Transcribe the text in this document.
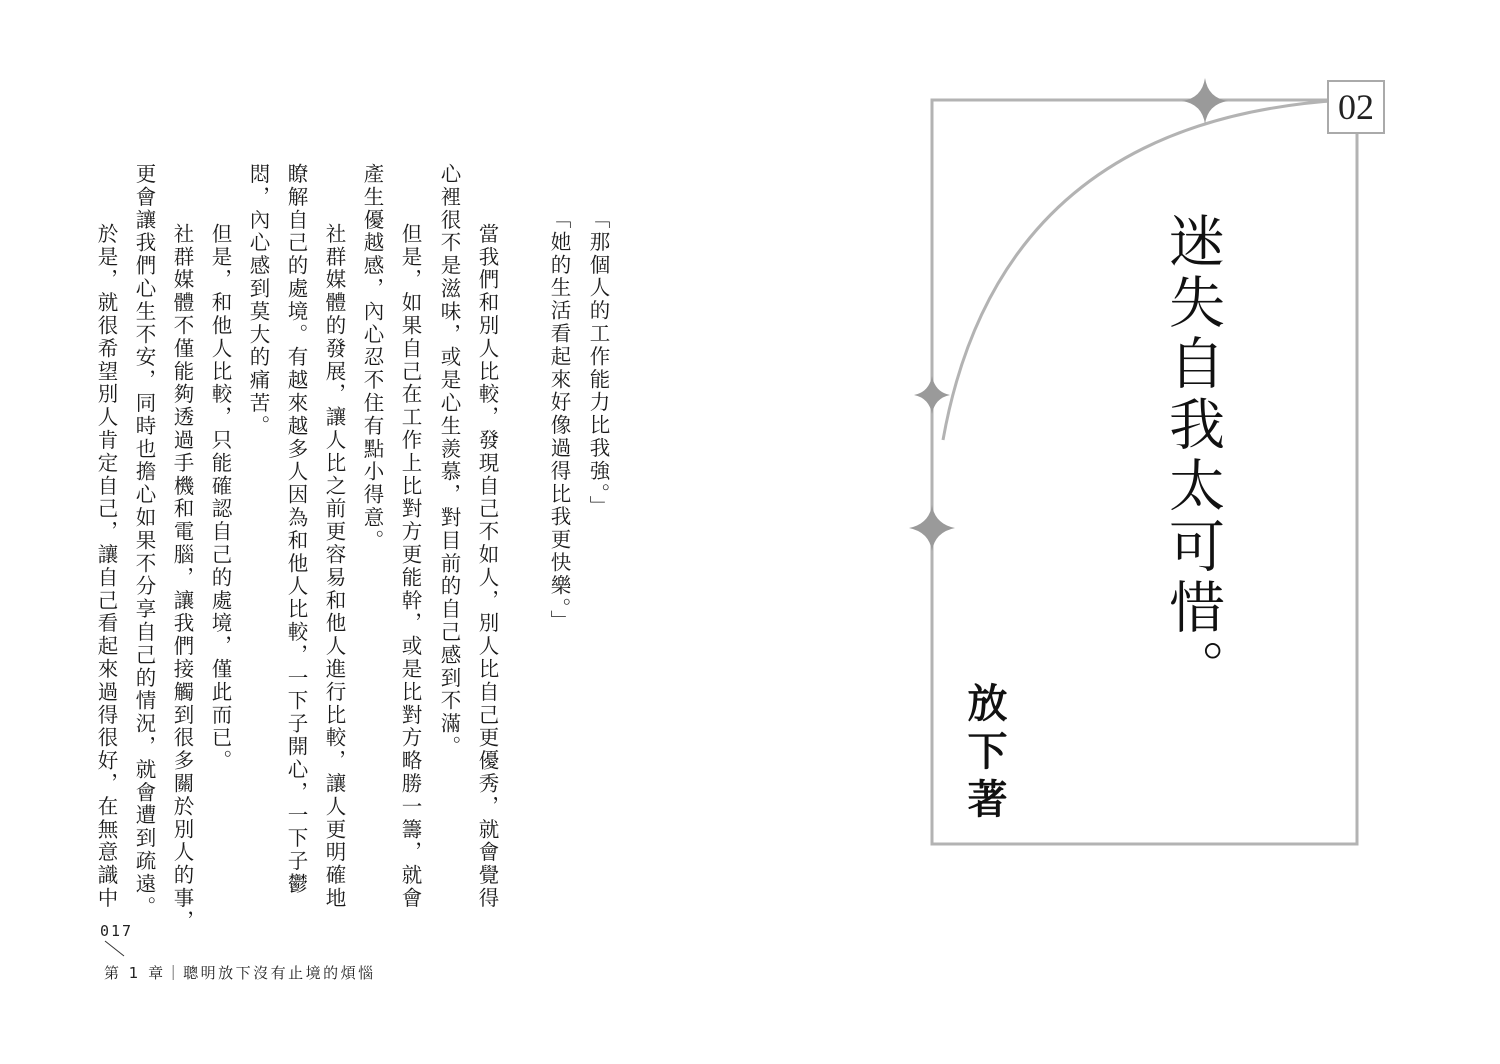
「那個人的工作能力比我強。」
「她的生活看起來好像過得比我更快樂。」
　當我們和別人比較，發現自己不如人，別人比自己更優秀，就會覺得
心裡很不是滋味，或是心生羨慕，對目前的自己感到不滿。
　但是，如果自己在工作上比對方更能幹，或是比對方略勝一籌，就會
產生優越感，內心忍不住有點小得意。
　社群媒體的發展，讓人比之前更容易和他人進行比較，讓人更明確地
瞭解自己的處境。有越來越多人因為和他人比較，一下子開心，一下子鬱
悶，內心感到莫大的痛苦。
　但是，和他人比較，只能確認自己的處境，僅此而已。
　社群媒體不僅能夠透過手機和電腦，讓我們接觸到很多關於別人的事，
更會讓我們心生不安，同時也擔心如果不分享自己的情況，就會遭到疏遠。
　於是，就很希望別人肯定自己，讓自己看起來過得很好，在無意識中
017
第 1 章｜聰明放下沒有止境的煩惱
02
迷失自我太可惜。
放下著
